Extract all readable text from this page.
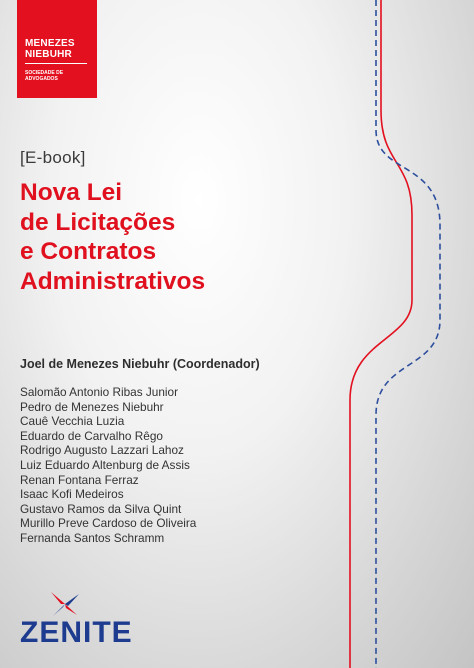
MENEZES
NIEBUHR
SOCIEDADE DE
ADVOGADOS
[E-book]
Nova Lei
de Licitações
e Contratos
Administrativos
Joel de Menezes Niebuhr (Coordenador)
Salomão Antonio Ribas Junior
Pedro de Menezes Niebuhr
Cauê Vecchia Luzia
Eduardo de Carvalho Rêgo
Rodrigo Augusto Lazzari Lahoz
Luiz Eduardo Altenburg de Assis
Renan Fontana Ferraz
Isaac Kofi Medeiros
Gustavo Ramos da Silva Quint
Murillo Preve Cardoso de Oliveira
Fernanda Santos Schramm
ZENITE
